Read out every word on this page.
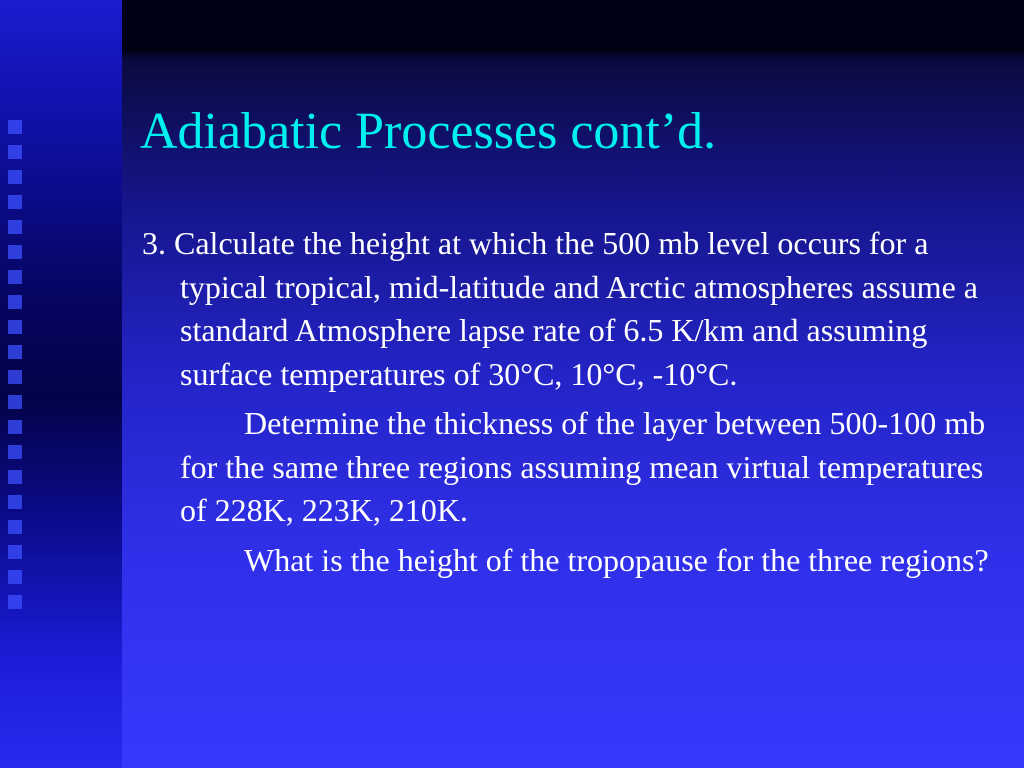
Adiabatic Processes cont’d.

3. Calculate the height at which the 500 mb level occurs for a typical tropical, mid-latitude and Arctic atmospheres assume a standard Atmosphere lapse rate of 6.5 K/km and assuming surface temperatures of 30°C, 10°C, -10°C.

Determine the thickness of the layer between 500-100 mb for the same three regions assuming mean virtual temperatures of 228K, 223K, 210K.

What is the height of the tropopause for the three regions?
